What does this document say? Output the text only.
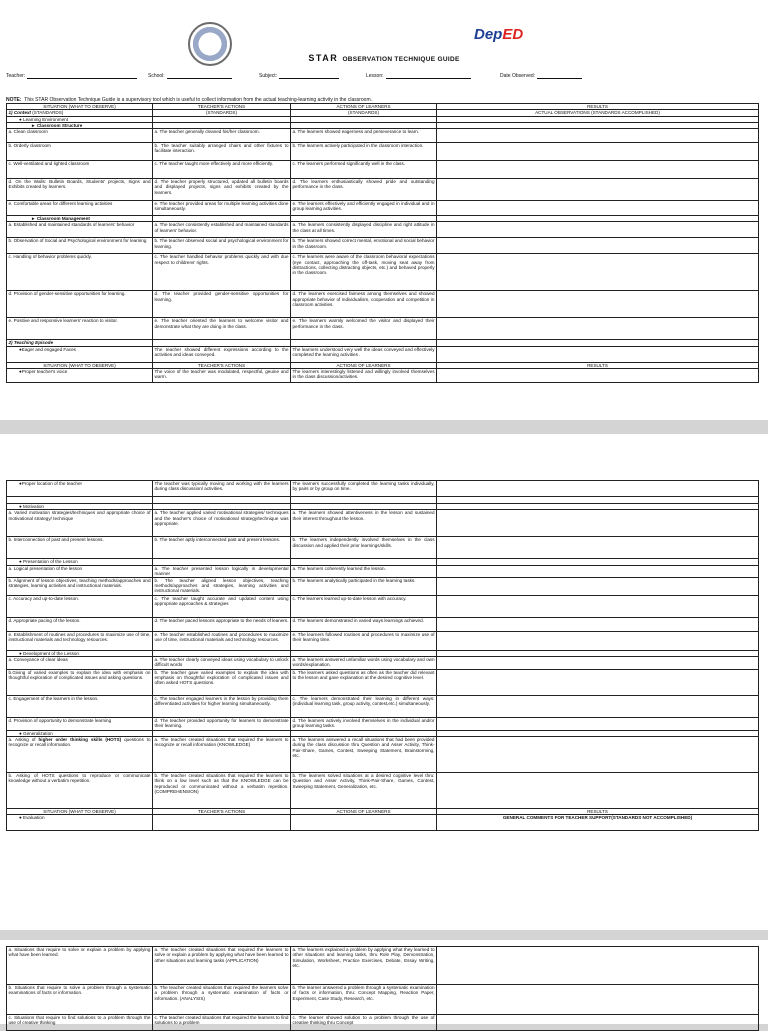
DepED
STAR OBSERVATION TECHNIQUE GUIDE
Teacher:	School:	Subject:	Lesson:	Date Observed:
NOTE: This STAR Observation Technique Guide is a supervisory tool which is useful to collect information from the actual teaching-learning activity in the classroom.
SITUATION (WHAT TO OBSERVE)	TEACHER'S ACTIONS	ACTIONS OF LEARNERS	RESULTS
1) Context (STANDARDS)	(STANDARDS)	(STANDARDS)	ACTUAL OBSERVATIONS (STANDARDS ACCOMPLISHED)
● Learning Environment			
► Classroom Structure			
a. Clean classroom	a. The teacher generally cleaned his/her classroom.	a. The learners showed eagerness and perseverance to learn.	
b. Orderly classroom	b. The teacher suitably arranged chairs and other fixtures to facilitate interaction.	b. The learners actively participated in the classroom interaction.	
c. Well-ventilated and lighted classroom	c. The teacher taught more effectively and more efficiently.	c. The learners performed significantly well in the class.	
d. On the Walls: Bulletin Boards, Students' projects, Signs and Exhibits created by learners.	d. The teacher properly structured, updated all bulletin boards and displayed projects, signs and exhibits created by the learners.	d. The learners enthusiastically showed pride and outstanding performance in the class.	
e. Comfortable areas for different learning activities	e. The teacher provided areas for multiple learning activities done simultaneously.	e. The learners effectively and efficiently engaged in individual and in group learning activities.	
► Classroom Management			
a. Established and maintained standards of learners' behavior	a. The teacher consistently established and maintained standards of learners' behavior.	a. The learners consistently displayed discipline and right attitude in the class at all times.	
b. Observation of Social and Psychological environment for learning	b. The teacher observed social and psychological environment for learning.	b. The learners showed correct mental, emotional and social behavior in the classroom.	
c. Handling of behavior problems quickly.	c. The teacher handled behavior problems quickly and with due respect to childrens' rights.	c. The learners were aware of the classroom behavioral expectations (eye contact, approaching the off-task, moving seat away from distractions, collecting distracting objects, etc.) and behaved properly in the classroom.	
d. Provision of gender-sensitive opportunities for learning.	d. The teacher provided gender-sensitive opportunities for learning.	d. The learners exercised fairness among themselves and showed appropriate behavior of individualism, cooperation and competition in classroom activities.	
e. Positive and responsive learners' reaction to visitor.	e. The teacher oriented the learners to welcome visitor and demonstrate what they are doing in the class.	e. The learners warmly welcomed the visitor and displayed their performance in the class.	
2) Teaching Episode			
●Eager and engaged Faces	The teacher showed different expressions according to the activities and ideas conveyed.	The learners understood very well the ideas conveyed and effectively completed the learning activities .	
SITUATION (WHAT TO OBSERVE)	TEACHER'S ACTIONS	ACTIONS OF LEARNERS	RESULTS
●Proper teacher's voice	The voice of the teacher was modulated, respectful, geuine and warm.	The learners interestingly listened and willingly involved themselves in the class discussion/activities.	
●Proper location of the teacher	The teacher was typically moving and working with the learners during class discussion/ activities.	The learners successfully completed the learning tasks individually, by pairs or by group on time.	

● Motivation			
a. Varied motivation strategies/techniques and appropriate choice of motivational strategy/ technique	a. The teacher applied varied motivational strategies/ techniques and the teacher's choice of motivational strategy/technique was appropriate.	a. The learners showed attentiveness in the lesson and sustained their interest throughout the lesson.	
b. Interconnection of past and present lessons.	b. The teacher aptly interconnected past and present lessons.	b. The learners independently involved themselves in the class discussion and applied their prior learnings/skills.	
● Presentation of the Lesson			
a. Logical presentation of the lesson	a. The teacher presented lesson logically in developmental manner	a. The learners coherently learned the lesson.	
b. Alignment of lesson objectives, teaching methods/approaches and strategies, learning activities and instructional materials.	b. The teacher aligned lesson objectives, teaching methods/approaches and strategies, learning activities and instructional materials.	b. The learners analytically participated in the learning tasks.	
c. Accuracy and up-to-date lesson.	c. The teacher taught accurate and updated content using appropriate approaches & strategies	c. The learners learned up-to-date lesson with accuracy.	
d. Appropriate pacing of the lesson.	d. The teacher paced lessons appropriate to the needs of leaners.	d. The learners demonstrated in varied ways learnings achieved.	
e. Establishment of routines and procedures to maximize use of time, instructional materials and technology resources.	e. The teacher established routines and procedures to maximize use of time, instructional materials and technology resources.	e. The learners followed routines and procedures to maximize use of their learning time.	
● Development of the Lesson			
a. Conveyance of clear ideas	a. The teacher clearly conveyed ideas using vocabulary to unlock difficult words	a. The learners answered unfamiliar words using vocabulary and own words/explanation.	
b.Giving of varied examples to explain the idea with emphasis on thoughtful exploration of complicated issues and asking questions.	b. The teacher gave varied examples to explain the idea with emphasis on thoughtful exploration of complicated issues and often asked HOTS questions.	b. The learners asked questions as often as the teacher did relevant to the lesson and gave explanation at the desired cognitive level.	
c. Engagement of the learners in the lesson.	c. The teacher engaged learners in the lesson by providing them differentiated activities for higher learning simultaneously.	c. The learners demonstrated their learning in different ways: (individual learning task, group activity, contest,etc.) simultaneously.	
d. Provision of opportunity to demonstrate learning	d. The teacher provided opportunity for learners to demonstrate their learning.	d. The learners actively involved themselves in the individual and/or group learning tasks.	
● Generalization			
a. Asking of higher order thinking skills (HOTS) questions to recognize or recall information.	a. The teacher created situations that required the learners to recognize or recall information (KNOWLEDGE)	a. The learners answered a recall situations that had been provided during the class discussion thru Question and Asser Activity, Think-Pair-Share, Games, Contest, Sweeping Statement, Brainstorming, etc.	
b. Asking of HOTS questions to reproduce or communicate knowledge without a verbatim repetition.	b. The teacher created situations that required the learners to think on a low level such as that the KNOWLEDGE can be reproduced or communicated without a verbatim repetition. (COMPREHENSION)	b. The learners solved situations at a desired cognitive level thru: Question and Asser Activity, Think-Pair-Share, Games, Contest, Sweeping Statement, Generalization, etc.	
SITUATION (WHAT TO OBSERVE)	TEACHER'S ACTIONS	ACTIONS OF LEARNERS	RESULTS
● Evaluation			GENERAL COMMENTS FOR TEACHER SUPPORT(STANDARDS NOT ACCOMPLISHED)
a. Situations that require to solve or explain a problem by applying what have been learned.	a. The teacher created situations that required the learners to solve or explain a problem by applying what have been learned to other situations and learning tasks (APPLICATION)	a. The learners explained a problem by applying what they learned to other situations and learning tasks, thru Role Play, Demonstration, Simulation, Worksheet, Practice Exercises, Debate, Essay Writing, etc.	
b. Situations that require to solve a problem through a systematic examinations of facts or information.	b. The teacher created situations that required the learners solve a problem through a systematic examination of facts or information. (ANALYSIS)	b. The learner answered a problem through a systematic examination of facts or information, thru: Concept Mapping, Reaction Paper, Experiment, Case Study, Research, etc.	
c. Situations that require to find solutions to a problem through the use of creative thinking	c. The teacher created situations that required the learners to find solutions to a problem	c. The learner showed solution to a problem through the use of creative thinking thru Concept	
